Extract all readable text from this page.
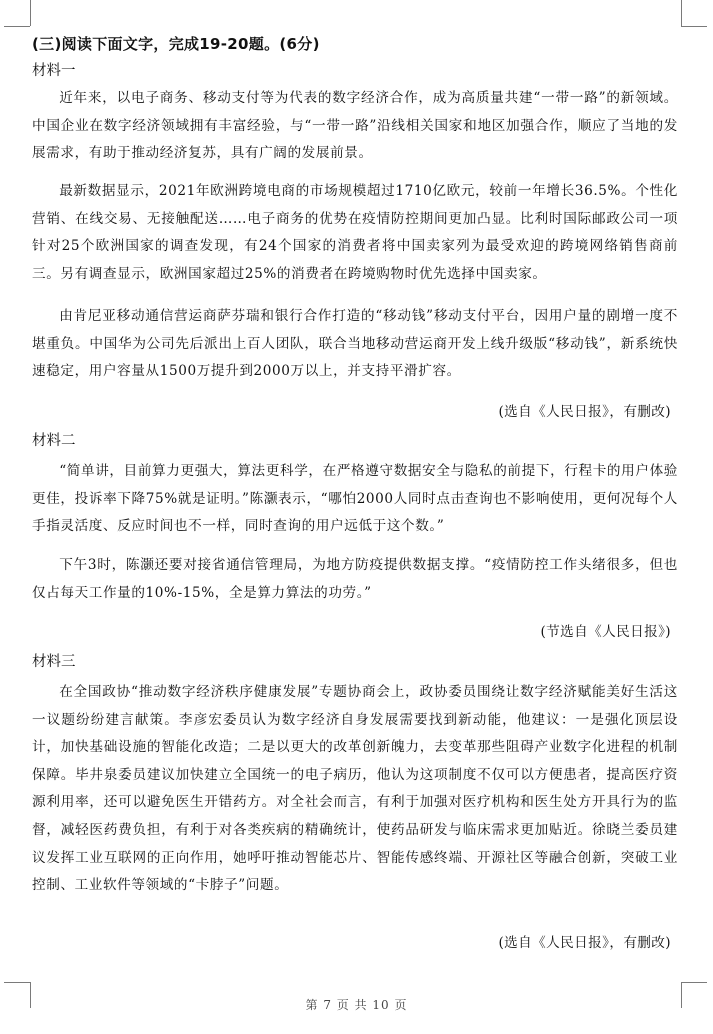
(三)阅读下面文字，完成19-20题。(6分)
材料一

近年来，以电子商务、移动支付等为代表的数字经济合作，成为高质量共建“一带一路”的新领域。中国企业在数字经济领域拥有丰富经验，与“一带一路”沿线相关国家和地区加强合作，顺应了当地的发展需求，有助于推动经济复苏，具有广阔的发展前景。

最新数据显示，2021年欧洲跨境电商的市场规模超过1710亿欧元，较前一年增长36.5%。个性化营销、在线交易、无接触配送……电子商务的优势在疫情防控期间更加凸显。比利时国际邮政公司一项针对25个欧洲国家的调查发现，有24个国家的消费者将中国卖家列为最受欢迎的跨境网络销售商前三。另有调查显示，欧洲国家超过25%的消费者在跨境购物时优先选择中国卖家。

由肯尼亚移动通信营运商萨芬瑞和银行合作打造的“移动钱”移动支付平台，因用户量的剧增一度不堪重负。中国华为公司先后派出上百人团队，联合当地移动营运商开发上线升级版“移动钱”，新系统快速稳定，用户容量从1500万提升到2000万以上，并支持平滑扩容。

(选自《人民日报》，有删改)
材料二

“简单讲，目前算力更强大，算法更科学，在严格遵守数据安全与隐私的前提下，行程卡的用户体验更佳，投诉率下降75%就是证明。”陈灏表示，“哪怕2000人同时点击查询也不影响使用，更何况每个人手指灵活度、反应时间也不一样，同时查询的用户远低于这个数。”

下午3时，陈灏还要对接省通信管理局，为地方防疫提供数据支撑。“疫情防控工作头绪很多，但也仅占每天工作量的10%-15%，全是算力算法的功劳。”

(节选自《人民日报》)
材料三

在全国政协“推动数字经济秩序健康发展”专题协商会上，政协委员围绕让数字经济赋能美好生活这一议题纷纷建言献策。李彦宏委员认为数字经济自身发展需要找到新动能，他建议：一是强化顶层设计，加快基础设施的智能化改造；二是以更大的改革创新魄力，去变革那些阻碍产业数字化进程的机制保障。毕井泉委员建议加快建立全国统一的电子病历，他认为这项制度不仅可以方便患者，提高医疗资源利用率，还可以避免医生开错药方。对全社会而言，有利于加强对医疗机构和医生处方开具行为的监督，减轻医药费负担，有利于对各类疾病的精确统计，使药品研发与临床需求更加贴近。徐晓兰委员建议发挥工业互联网的正向作用，她呼吁推动智能芯片、智能传感终端、开源社区等融合创新，突破工业控制、工业软件等领域的“卡脖子”问题。

(选自《人民日报》，有删改)
第 7 页 共 10 页
